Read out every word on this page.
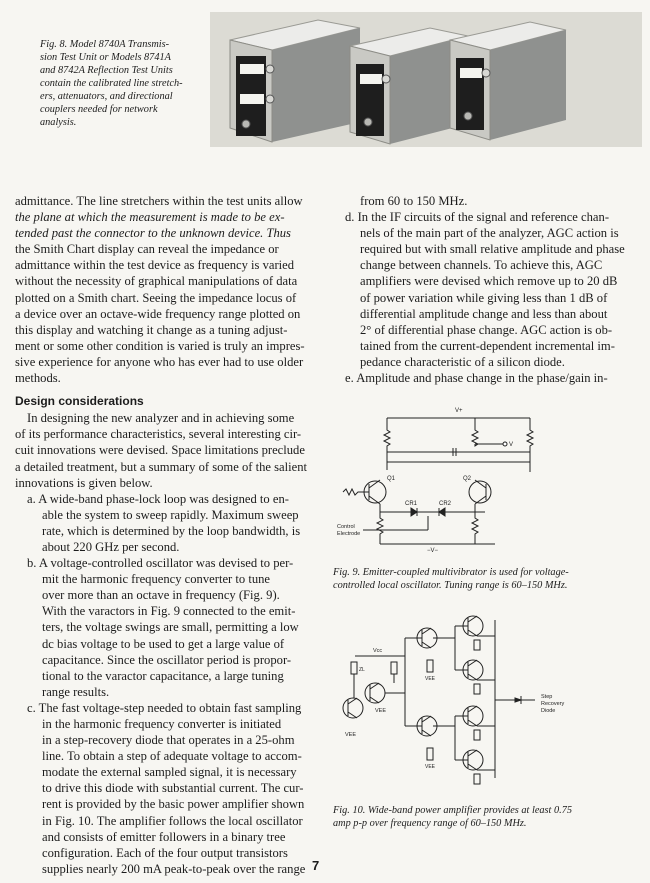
Fig. 8. Model 8740A Transmis-
sion Test Unit or Models 8741A
and 8742A Reflection Test Units
contain the calibrated line stretch-
ers, attenuators, and directional
couplers needed for network
analysis.

admittance. The line stretchers within the test units allow
the plane at which the measurement is made to be ex-
tended past the connector to the unknown device. Thus
the Smith Chart display can reveal the impedance or
admittance within the test device as frequency is varied
without the necessity of graphical manipulations of data
plotted on a Smith chart. Seeing the impedance locus of
a device over an octave-wide frequency range plotted on
this display and watching it change as a tuning adjust-
ment or some other condition is varied is truly an impres-
sive experience for anyone who has ever had to use older
methods.

Design considerations

In designing the new analyzer and in achieving some
of its performance characteristics, several interesting cir-
cuit innovations were devised. Space limitations preclude
a detailed treatment, but a summary of some of the salient
innovations is given below.

a. A wide-band phase-lock loop was designed to en-
able the system to sweep rapidly. Maximum sweep
rate, which is determined by the loop bandwidth, is
about 220 GHz per second.

b. A voltage-controlled oscillator was devised to per-
mit the harmonic frequency converter to tune
over more than an octave in frequency (Fig. 9).
With the varactors in Fig. 9 connected to the emit-
ters, the voltage swings are small, permitting a low
dc bias voltage to be used to get a large value of
capacitance. Since the oscillator period is propor-
tional to the varactor capacitance, a large tuning
range results.

c. The fast voltage-step needed to obtain fast sampling
in the harmonic frequency converter is initiated
in a step-recovery diode that operates in a 25-ohm
line. To obtain a step of adequate voltage to accom-
modate the external sampled signal, it is necessary
to drive this diode with substantial current. The cur-
rent is provided by the basic power amplifier shown
in Fig. 10. The amplifier follows the local oscillator
and consists of emitter followers in a binary tree
configuration. Each of the four output transistors
supplies nearly 200 mA peak-to-peak over the range

from 60 to 150 MHz.

d. In the IF circuits of the signal and reference chan-
nels of the main part of the analyzer, AGC action is
required but with small relative amplitude and phase
change between channels. To achieve this, AGC
amplifiers were devised which remove up to 20 dB
of power variation while giving less than 1 dB of
differential amplitude change and less than about
2° of differential phase change. AGC action is ob-
tained from the current-dependent incremental im-
pedance characteristic of a silicon diode.

e. Amplitude and phase change in the phase/gain in-

V+
V
Q1	Q2
CR1	CR2
−V−
Control
Electrode
Fig. 9. Emitter-coupled multivibrator is used for voltage-
controlled local oscillator. Tuning range is 60–150 MHz.
VEE
VEE
Vcc
ZL
VEE
VEE
Step
Recovery
Diode
Fig. 10. Wide-band power amplifier provides at least 0.75
amp p-p over frequency range of 60–150 MHz.
7
